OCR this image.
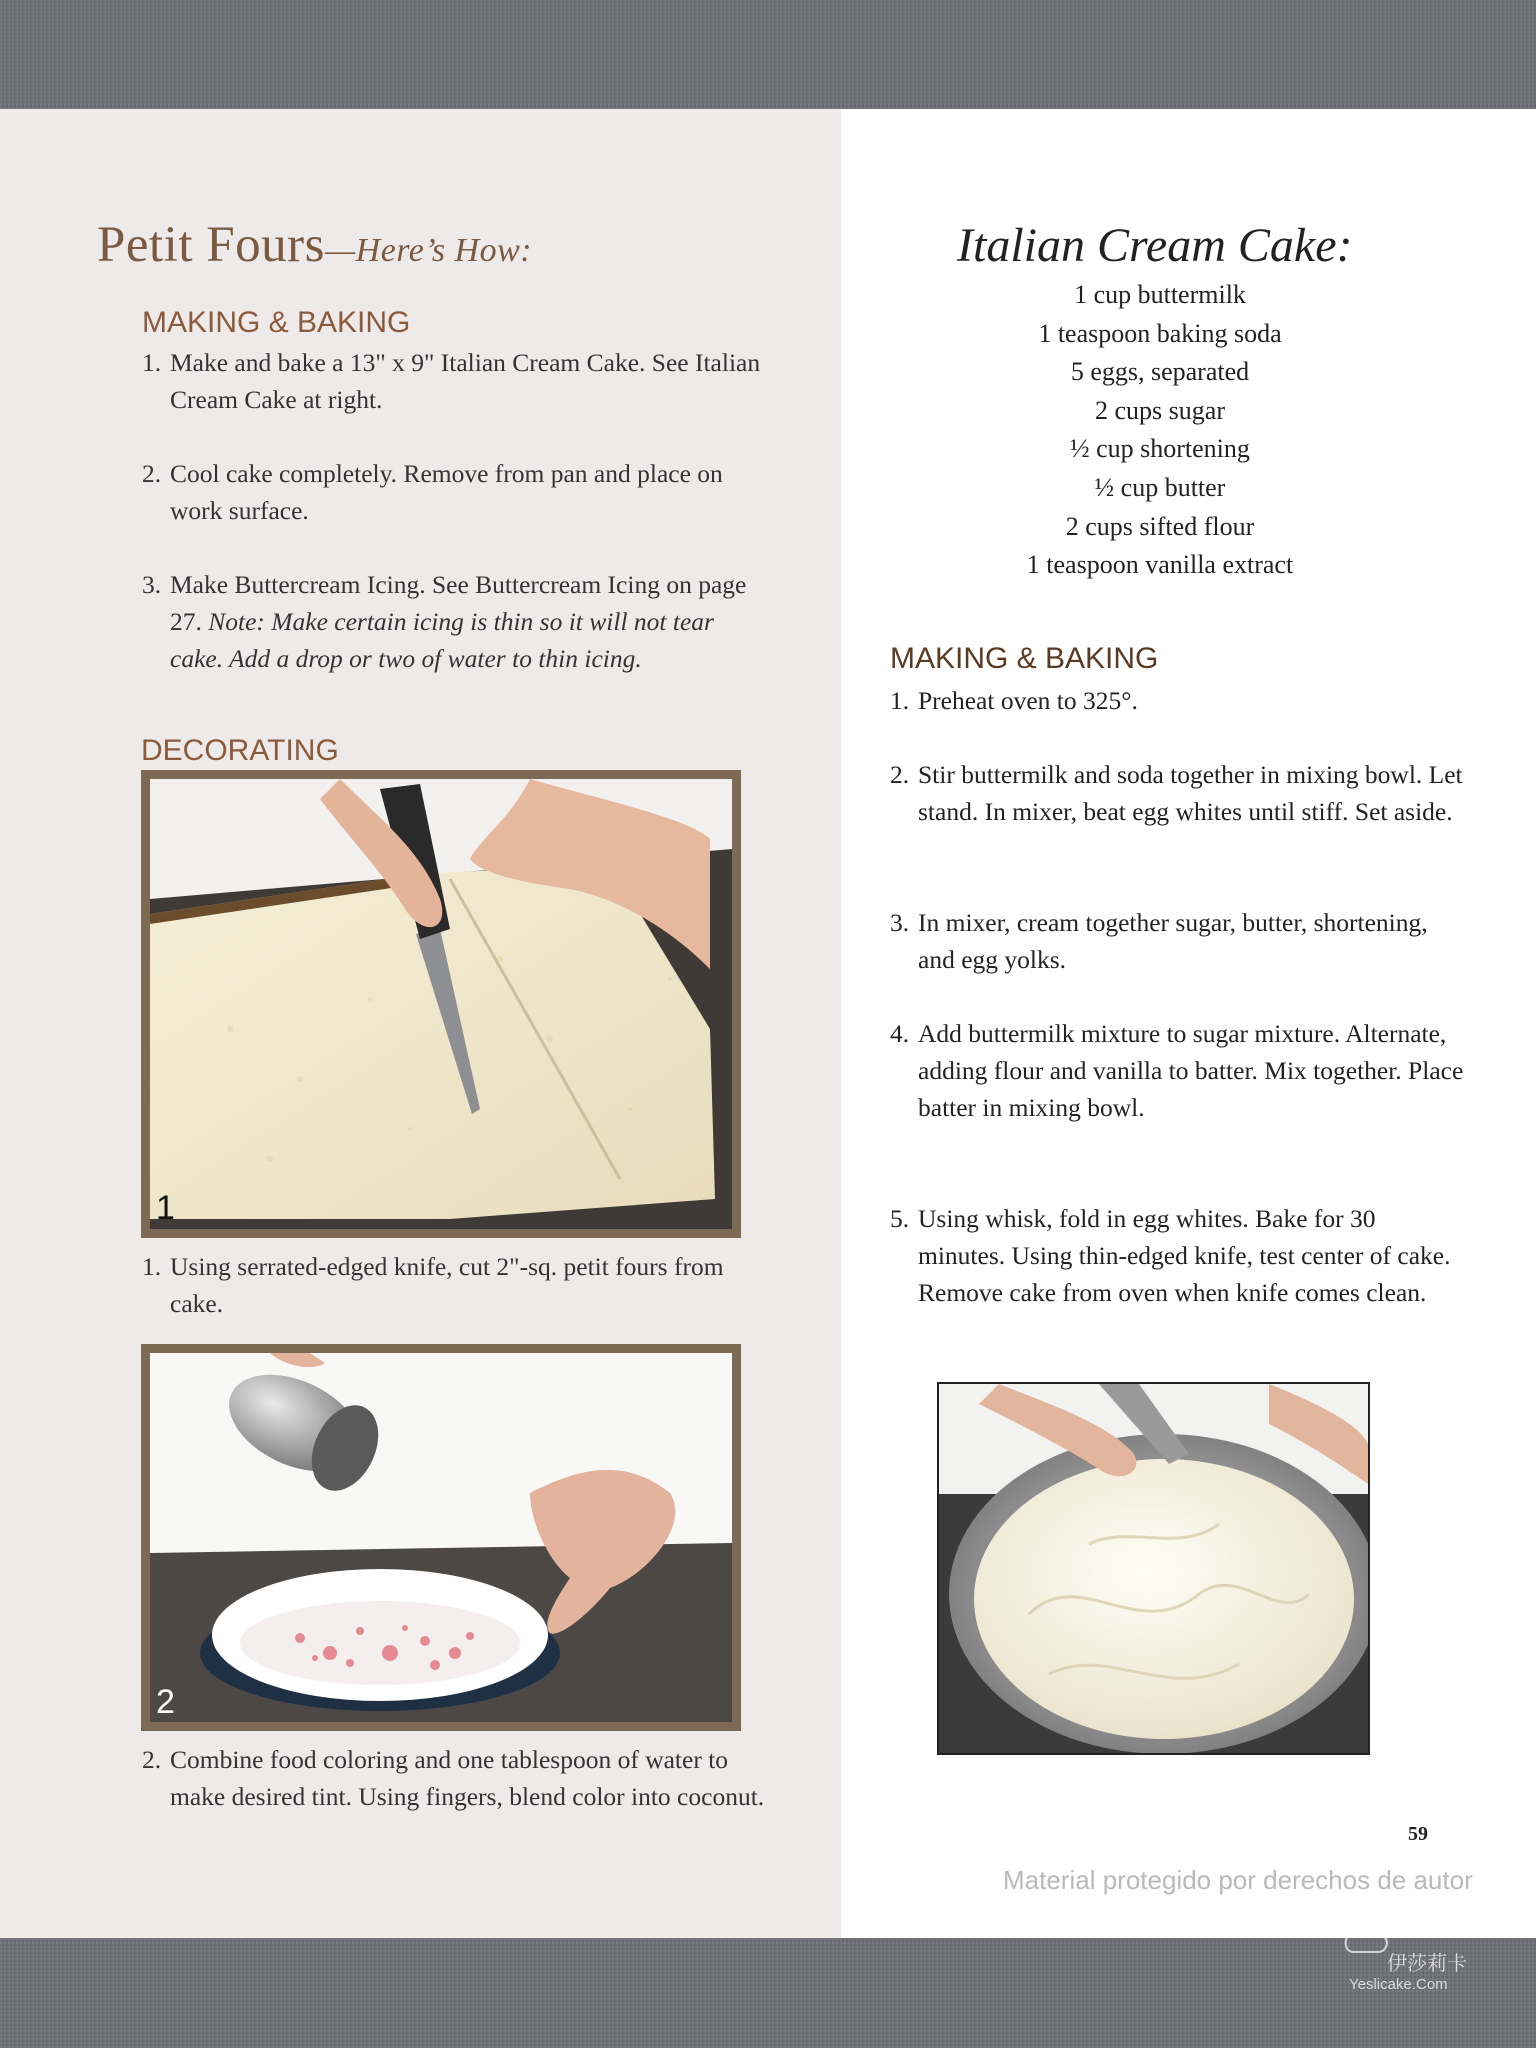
Petit Fours—Here’s How:
MAKING & BAKING
1. Make and bake a 13" x 9" Italian Cream Cake. See Italian Cream Cake at right.
2. Cool cake completely. Remove from pan and place on work surface.
3. Make Buttercream Icing. See Buttercream Icing on page 27. Note: Make certain icing is thin so it will not tear cake. Add a drop or two of water to thin icing.
DECORATING
1
1. Using serrated-edged knife, cut 2"-sq. petit fours from cake.
2
2. Combine food coloring and one tablespoon of water to make desired tint. Using fingers, blend color into coconut.
Italian Cream Cake:
1 cup buttermilk
1 teaspoon baking soda
5 eggs, separated
2 cups sugar
½ cup shortening
½ cup butter
2 cups sifted flour
1 teaspoon vanilla extract
MAKING & BAKING
1. Preheat oven to 325°.
2. Stir buttermilk and soda together in mixing bowl. Let stand. In mixer, beat egg whites until stiff. Set aside.
3. In mixer, cream together sugar, butter, shortening, and egg yolks.
4. Add buttermilk mixture to sugar mixture. Alternate, adding flour and vanilla to batter. Mix together. Place batter in mixing bowl.
5. Using whisk, fold in egg whites. Bake for 30 minutes. Using thin-edged knife, test center of cake. Remove cake from oven when knife comes clean.
59
Material protegido por derechos de autor
伊莎莉卡
Yeslicake.Com
